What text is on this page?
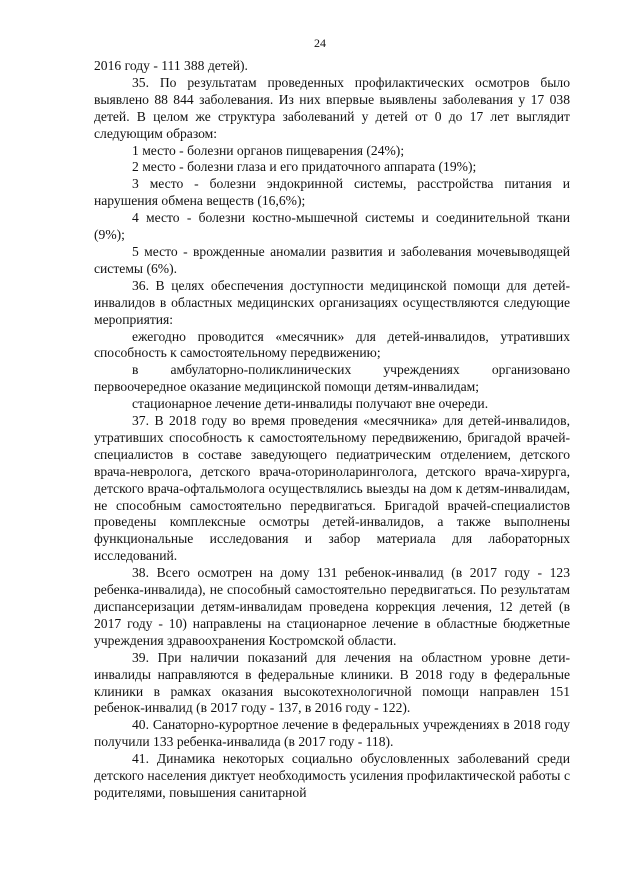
24

2016 году - 111 388 детей).

35. По результатам проведенных профилактических осмотров было выявлено 88 844 заболевания. Из них впервые выявлены заболевания у 17 038 детей. В целом же структура заболеваний у детей от 0 до 17 лет выглядит следующим образом:

1 место - болезни органов пищеварения (24%);

2 место - болезни глаза и его придаточного аппарата (19%);

3 место - болезни эндокринной системы, расстройства питания и нарушения обмена веществ (16,6%);

4 место - болезни костно-мышечной системы и соединительной ткани (9%);

5 место - врожденные аномалии развития и заболевания мочевыводящей системы (6%).

36. В целях обеспечения доступности медицинской помощи для детей-инвалидов в областных медицинских организациях осуществляются следующие мероприятия:

ежегодно проводится «месячник» для детей-инвалидов, утративших способность к самостоятельному передвижению;

в амбулаторно-поликлинических учреждениях организовано первоочередное оказание медицинской помощи детям-инвалидам;

стационарное лечение дети-инвалиды получают вне очереди.

37. В 2018 году во время проведения «месячника» для детей-инвалидов, утративших способность к самостоятельному передвижению, бригадой врачей-специалистов в составе заведующего педиатрическим отделением, детского врача-невролога, детского врача-оториноларинголога, детского врача-хирурга, детского врача-офтальмолога осуществлялись выезды на дом к детям-инвалидам, не способным самостоятельно передвигаться. Бригадой врачей-специалистов проведены комплексные осмотры детей-инвалидов, а также выполнены функциональные исследования и забор материала для лабораторных исследований.

38. Всего осмотрен на дому 131 ребенок-инвалид (в 2017 году - 123 ребенка-инвалида), не способный самостоятельно передвигаться. По результатам диспансеризации детям-инвалидам проведена коррекция лечения, 12 детей (в 2017 году - 10) направлены на стационарное лечение в областные бюджетные учреждения здравоохранения Костромской области.

39. При наличии показаний для лечения на областном уровне дети-инвалиды направляются в федеральные клиники. В 2018 году в федеральные клиники в рамках оказания высокотехнологичной помощи направлен 151 ребенок-инвалид (в 2017 году - 137, в 2016 году - 122).

40. Санаторно-курортное лечение в федеральных учреждениях в 2018 году получили 133 ребенка-инвалида (в 2017 году - 118).

41. Динамика некоторых социально обусловленных заболеваний среди детского населения диктует необходимость усиления профилактической работы с родителями, повышения санитарной
